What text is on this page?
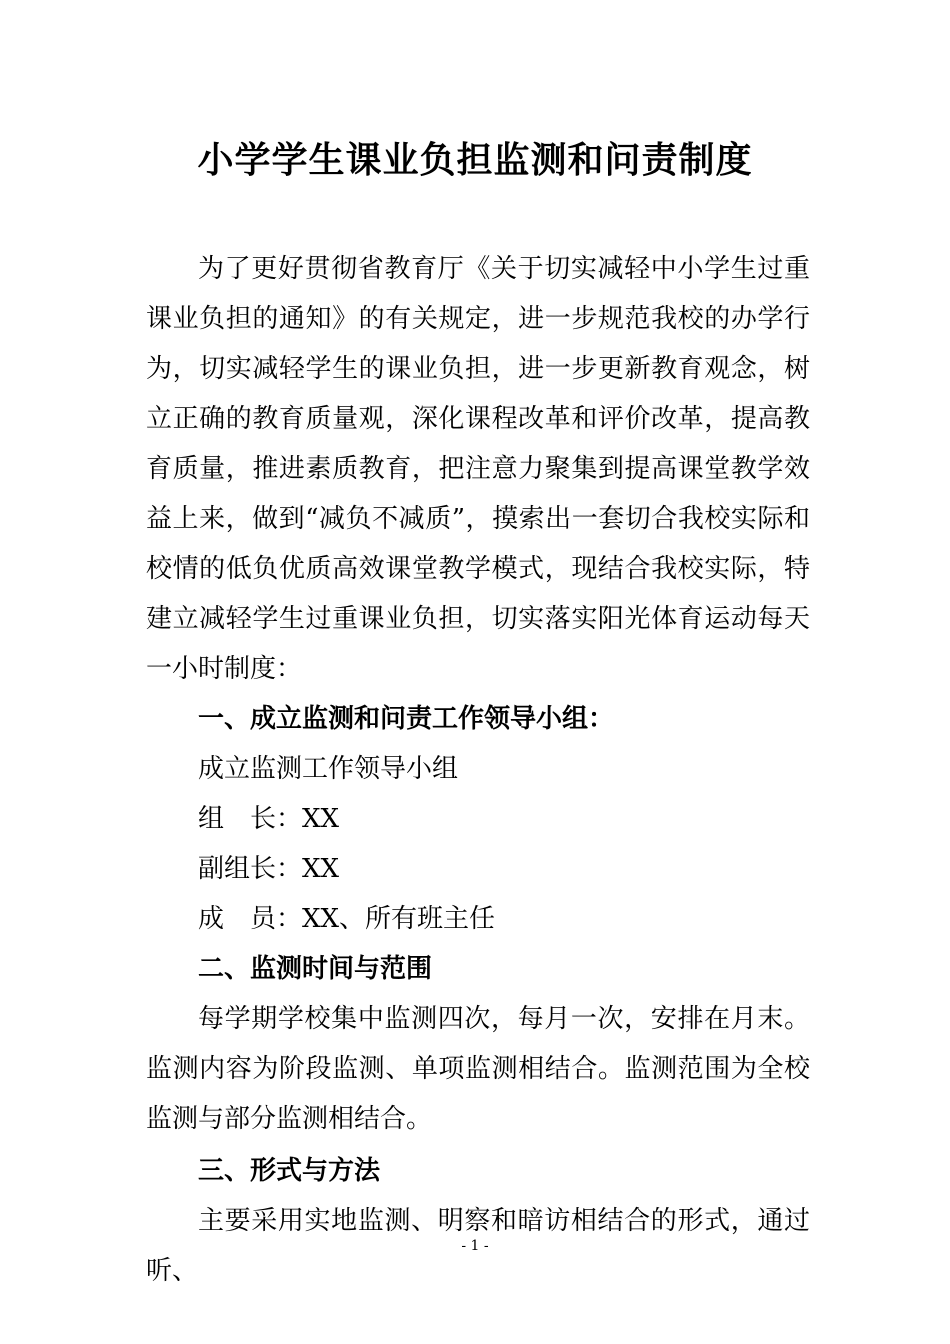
小学学生课业负担监测和问责制度

为了更好贯彻省教育厅《关于切实减轻中小学生过重课业负担的通知》的有关规定，进一步规范我校的办学行为，切实减轻学生的课业负担，进一步更新教育观念，树立正确的教育质量观，深化课程改革和评价改革，提高教育质量，推进素质教育，把注意力聚集到提高课堂教学效益上来，做到“减负不减质”，摸索出一套切合我校实际和校情的低负优质高效课堂教学模式，现结合我校实际，特建立减轻学生过重课业负担，切实落实阳光体育运动每天一小时制度：

一、成立监测和问责工作领导小组：

成立监测工作领导小组

组　长：XX

副组长：XX

成　员：XX、所有班主任

二、监测时间与范围

每学期学校集中监测四次，每月一次，安排在月末。监测内容为阶段监测、单项监测相结合。监测范围为全校监测与部分监测相结合。

三、形式与方法

主要采用实地监测、明察和暗访相结合的形式，通过听、

- 1 -
